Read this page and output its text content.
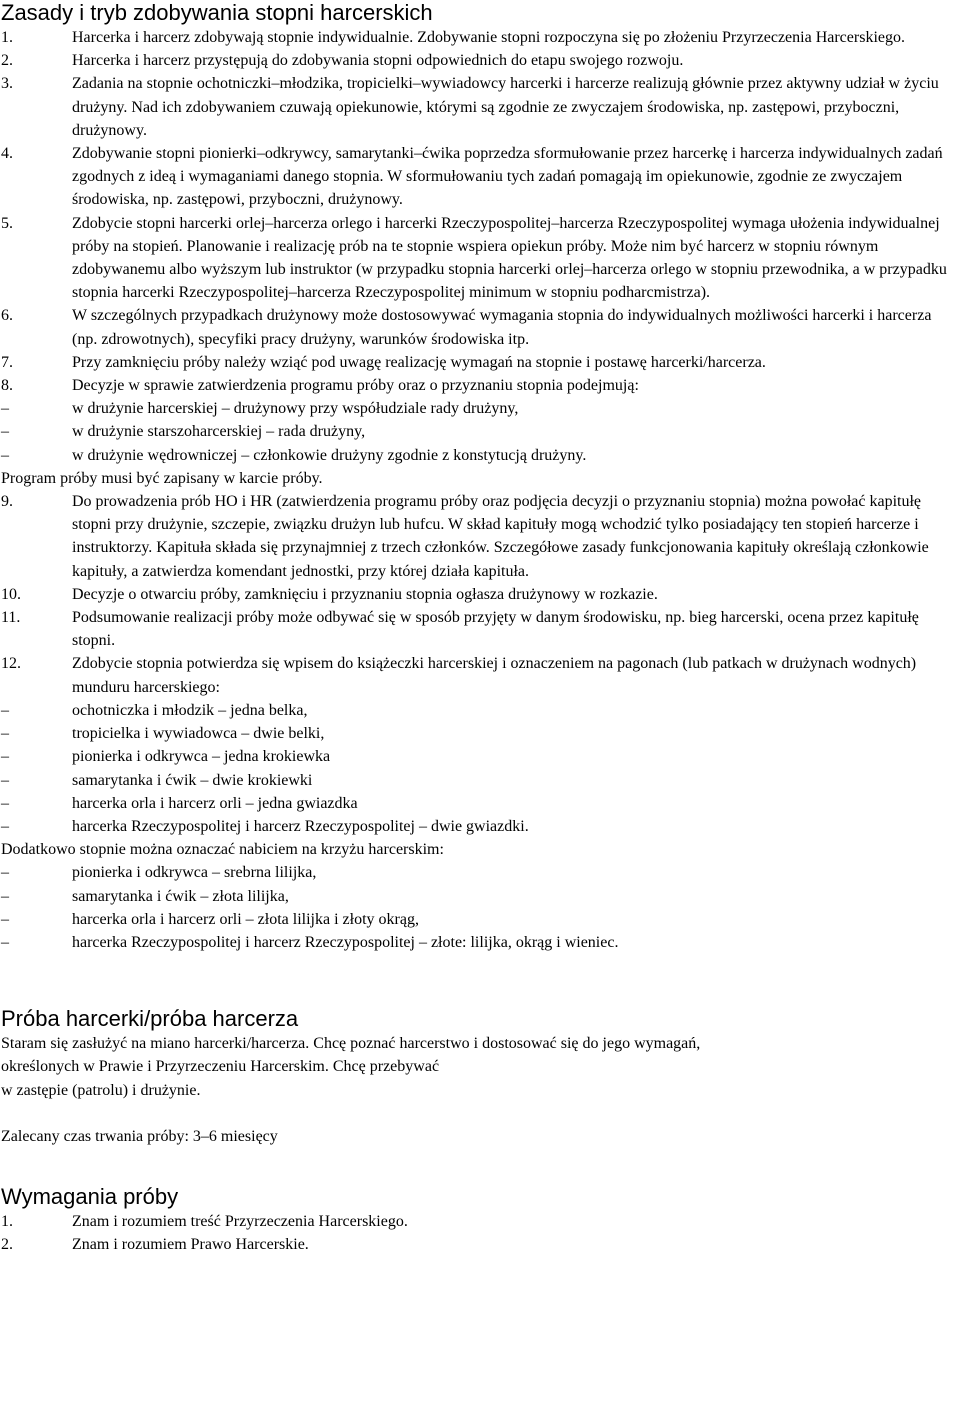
Zasady i tryb zdobywania stopni harcerskich
1.	Harcerka i harcerz zdobywają stopnie indywidualnie. Zdobywanie stopni rozpoczyna się po złożeniu Przyrzeczenia Harcerskiego.
2.	Harcerka i harcerz przystępują do zdobywania stopni odpowiednich do etapu swojego rozwoju.
3.	Zadania na stopnie ochotniczki–młodzika, tropicielki–wywiadowcy harcerki i harcerze realizują głównie przez aktywny udział w życiu drużyny. Nad ich zdobywaniem czuwają opiekunowie, którymi są zgodnie ze zwyczajem środowiska, np. zastępowi, przyboczni, drużynowy.
4.	Zdobywanie stopni pionierki–odkrywcy, samarytanki–ćwika poprzedza sformułowanie przez harcerkę i harcerza indywidualnych zadań zgodnych z ideą i wymaganiami danego stopnia. W sformułowaniu tych zadań pomagają im opiekunowie, zgodnie ze zwyczajem środowiska, np. zastępowi, przyboczni, drużynowy.
5.	Zdobycie stopni harcerki orlej–harcerza orlego i harcerki Rzeczypospolitej–harcerza Rzeczypospolitej wymaga ułożenia indywidualnej próby na stopień. Planowanie i realizację prób na te stopnie wspiera opiekun próby. Może nim być harcerz w stopniu równym zdobywanemu albo wyższym lub instruktor (w przypadku stopnia harcerki orlej–harcerza orlego w stopniu przewodnika, a w przypadku stopnia harcerki Rzeczypospolitej–harcerza Rzeczypospolitej minimum w stopniu podharcmistrza).
6.	W szczególnych przypadkach drużynowy może dostosowywać wymagania stopnia do indywidualnych możliwości harcerki i harcerza (np. zdrowotnych), specyfiki pracy drużyny, warunków środowiska itp.
7.	Przy zamknięciu próby należy wziąć pod uwagę realizację wymagań na stopnie i postawę harcerki/harcerza.
8.	Decyzje w sprawie zatwierdzenia programu próby oraz o przyznaniu stopnia podejmują:
–	w drużynie harcerskiej – drużynowy przy współudziale rady drużyny,
–	w drużynie starszoharcerskiej – rada drużyny,
–	w drużynie wędrowniczej – członkowie drużyny zgodnie z konstytucją drużyny.

Program próby musi być zapisany w karcie próby.

9.	Do prowadzenia prób HO i HR (zatwierdzenia programu próby oraz podjęcia decyzji o przyznaniu stopnia) można powołać kapitułę stopni przy drużynie, szczepie, związku drużyn lub hufcu. W skład kapituły mogą wchodzić tylko posiadający ten stopień harcerze i instruktorzy. Kapituła składa się przynajmniej z trzech członków. Szczegółowe zasady funkcjonowania kapituły określają członkowie kapituły, a zatwierdza komendant jednostki, przy której działa kapituła.
10.	Decyzje o otwarciu próby, zamknięciu i przyznaniu stopnia ogłasza drużynowy w rozkazie.
11.	Podsumowanie realizacji próby może odbywać się w sposób przyjęty w danym środowisku, np. bieg harcerski, ocena przez kapitułę stopni.
12.	Zdobycie stopnia potwierdza się wpisem do książeczki harcerskiej i oznaczeniem na pagonach (lub patkach w drużynach wodnych) munduru harcerskiego:
–	ochotniczka i młodzik – jedna belka,
–	tropicielka i wywiadowca – dwie belki,
–	pionierka i odkrywca – jedna krokiewka
–	samarytanka i ćwik – dwie krokiewki
–	harcerka orla i harcerz orli – jedna gwiazdka
–	harcerka Rzeczypospolitej i harcerz Rzeczypospolitej – dwie gwiazdki.

Dodatkowo stopnie można oznaczać nabiciem na krzyżu harcerskim:

–	pionierka i odkrywca – srebrna lilijka,
–	samarytanka i ćwik – złota lilijka,
–	harcerka orla i harcerz orli – złota lilijka i złoty okrąg,
–	harcerka Rzeczypospolitej i harcerz Rzeczypospolitej – złote: lilijka, okrąg i wieniec.
Próba harcerki/próba harcerza

Staram się zasłużyć na miano harcerki/harcerza. Chcę poznać harcerstwo i dostosować się do jego wymagań,

określonych w Prawie i Przyrzeczeniu Harcerskim. Chcę przebywać

w zastępie (patrolu) i drużynie.

Zalecany czas trwania próby: 3–6 miesięcy

Wymagania próby
1.	Znam i rozumiem treść Przyrzeczenia Harcerskiego.
2.	Znam i rozumiem Prawo Harcerskie.
